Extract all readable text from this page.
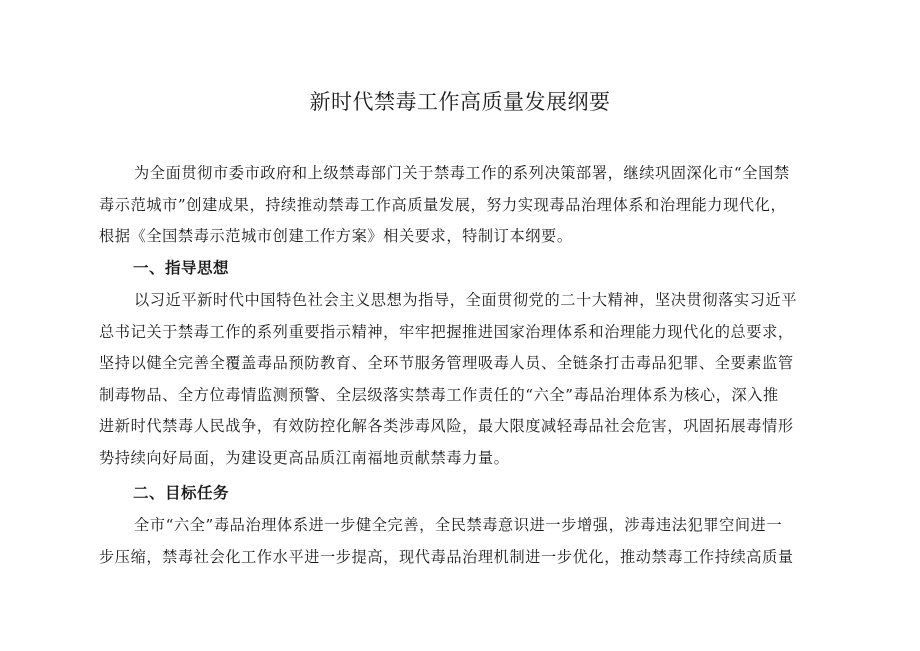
新时代禁毒工作高质量发展纲要
为全面贯彻市委市政府和上级禁毒部门关于禁毒工作的系列决策部署，继续巩固深化市“全国禁
毒示范城市”创建成果，持续推动禁毒工作高质量发展，努力实现毒品治理体系和治理能力现代化，
根据《全国禁毒示范城市创建工作方案》相关要求，特制订本纲要。
一、指导思想
以习近平新时代中国特色社会主义思想为指导，全面贯彻党的二十大精神，坚决贯彻落实习近平
总书记关于禁毒工作的系列重要指示精神，牢牢把握推进国家治理体系和治理能力现代化的总要求，
坚持以健全完善全覆盖毒品预防教育、全环节服务管理吸毒人员、全链条打击毒品犯罪、全要素监管
制毒物品、全方位毒情监测预警、全层级落实禁毒工作责任的“六全”毒品治理体系为核心，深入推
进新时代禁毒人民战争，有效防控化解各类涉毒风险，最大限度减轻毒品社会危害，巩固拓展毒情形
势持续向好局面，为建设更高品质江南福地贡献禁毒力量。
二、目标任务
全市“六全”毒品治理体系进一步健全完善，全民禁毒意识进一步增强，涉毒违法犯罪空间进一
步压缩，禁毒社会化工作水平进一步提高，现代毒品治理机制进一步优化，推动禁毒工作持续高质量
